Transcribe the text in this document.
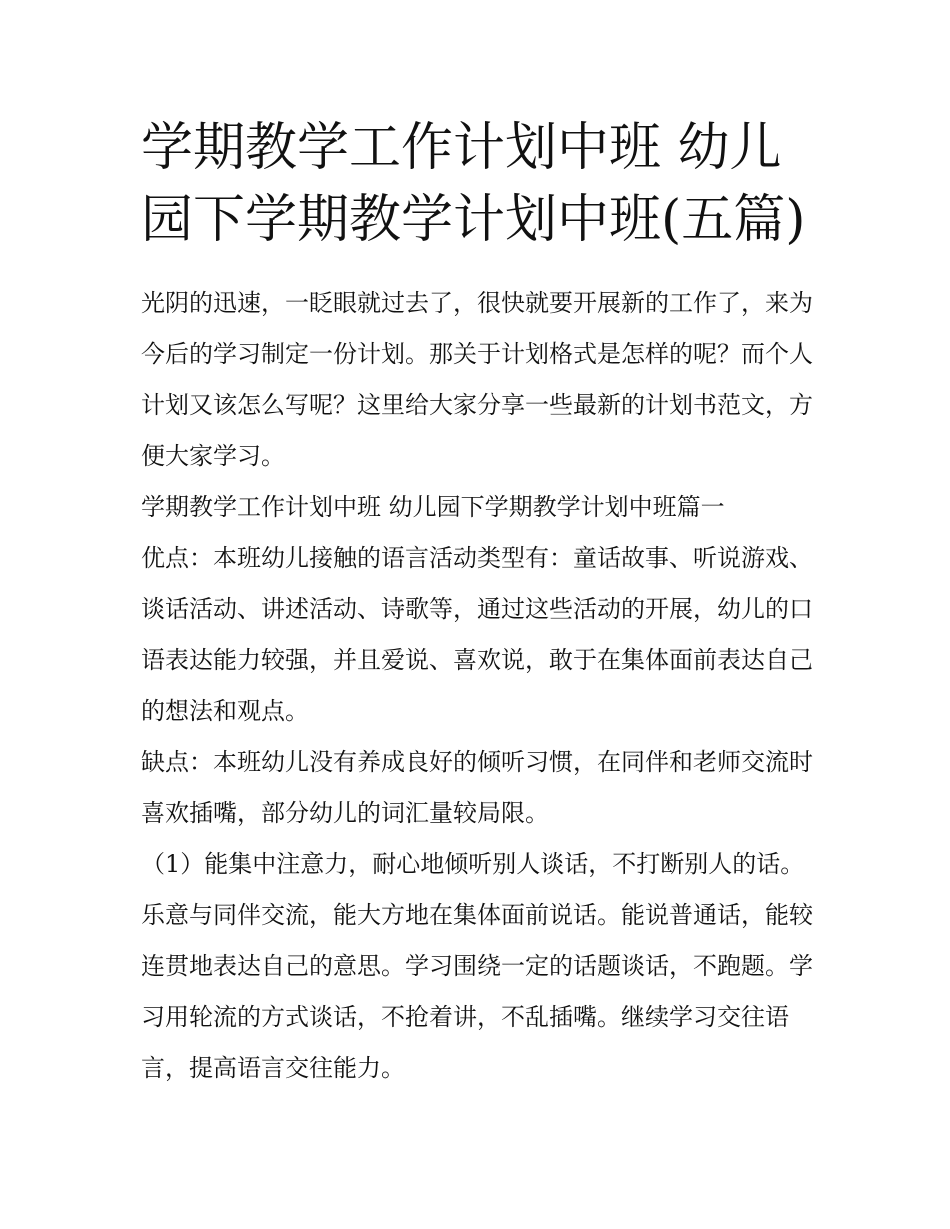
学期教学工作计划中班 幼儿园下学期教学计划中班(五篇)

光阴的迅速，一眨眼就过去了，很快就要开展新的工作了，来为今后的学习制定一份计划。那关于计划格式是怎样的呢？而个人计划又该怎么写呢？这里给大家分享一些最新的计划书范文，方便大家学习。

学期教学工作计划中班 幼儿园下学期教学计划中班篇一

优点：本班幼儿接触的语言活动类型有：童话故事、听说游戏、谈话活动、讲述活动、诗歌等，通过这些活动的开展，幼儿的口语表达能力较强，并且爱说、喜欢说，敢于在集体面前表达自己的想法和观点。

缺点：本班幼儿没有养成良好的倾听习惯，在同伴和老师交流时喜欢插嘴，部分幼儿的词汇量较局限。

（1）能集中注意力，耐心地倾听别人谈话，不打断别人的话。乐意与同伴交流，能大方地在集体面前说话。能说普通话，能较连贯地表达自己的意思。学习围绕一定的话题谈话，不跑题。学习用轮流的方式谈话，不抢着讲，不乱插嘴。继续学习交往语言，提高语言交往能力。
